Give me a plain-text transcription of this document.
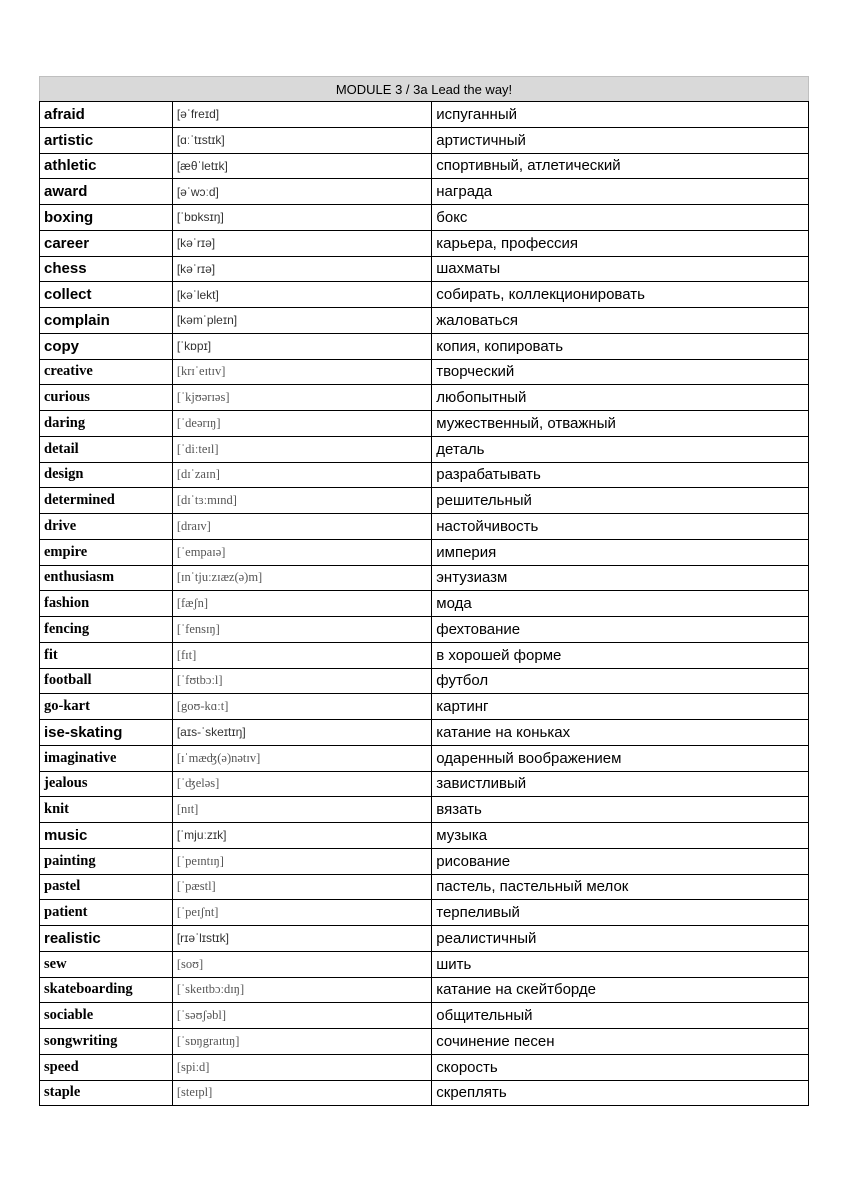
MODULE 3 / 3a Lead the way!		
afraid	[əˈfreɪd]	испуганный
artistic	[ɑːˈtɪstɪk]	артистичный
athletic	[æθˈletɪk]	спортивный, атлетический
award	[əˈwɔːd]	награда
boxing	[ˈbɒksɪŋ]	бокс
career	[kəˈrɪə]	карьера, профессия
chess	[kəˈrɪə]	шахматы
collect	[kəˈlekt]	собирать, коллекционировать
complain	[kəmˈpleɪn]	жаловаться
copy	[ˈkɒpɪ]	копия, копировать
creative	[krɪˈeɪtɪv]	творческий
curious	[ˈkjʊərɪəs]	любопытный
daring	[ˈdeərɪŋ]	мужественный, отважный
detail	[ˈdiːteɪl]	деталь
design	[dɪˈzaɪn]	разрабатывать
determined	[dɪˈtɜːmɪnd]	решительный
drive	[draɪv]	настойчивость
empire	[ˈempaɪə]	империя
enthusiasm	[ɪnˈtjuːzɪæz(ə)m]	энтузиазм
fashion	[fæʃn]	мода
fencing	[ˈfensɪŋ]	фехтование
fit	[fɪt]	в хорошей форме
football	[ˈfʊtbɔːl]	футбол
go-kart	[goʊ-kɑːt]	картинг
ise-skating	[aɪs-ˈskeɪtɪŋ]	катание на коньках
imaginative	[ɪˈmæʤ(ə)nətɪv]	одаренный воображением
jealous	[ˈʤeləs]	завистливый
knit	[nɪt]	вязать
music	[ˈmjuːzɪk]	музыка
painting	[ˈpeɪntɪŋ]	рисование
pastel	[ˈpæstl]	пастель, пастельный мелок
patient	[ˈpeɪʃnt]	терпеливый
realistic	[rɪəˈlɪstɪk]	реалистичный
sew	[soʊ]	шить
skateboarding	[ˈskeɪtbɔːdɪŋ]	катание на скейтборде
sociable	[ˈsəʊʃəbl]	общительный
songwriting	[ˈsɒŋgraɪtɪŋ]	сочинение песен
speed	[spiːd]	скорость
staple	[steɪpl]	скреплять
